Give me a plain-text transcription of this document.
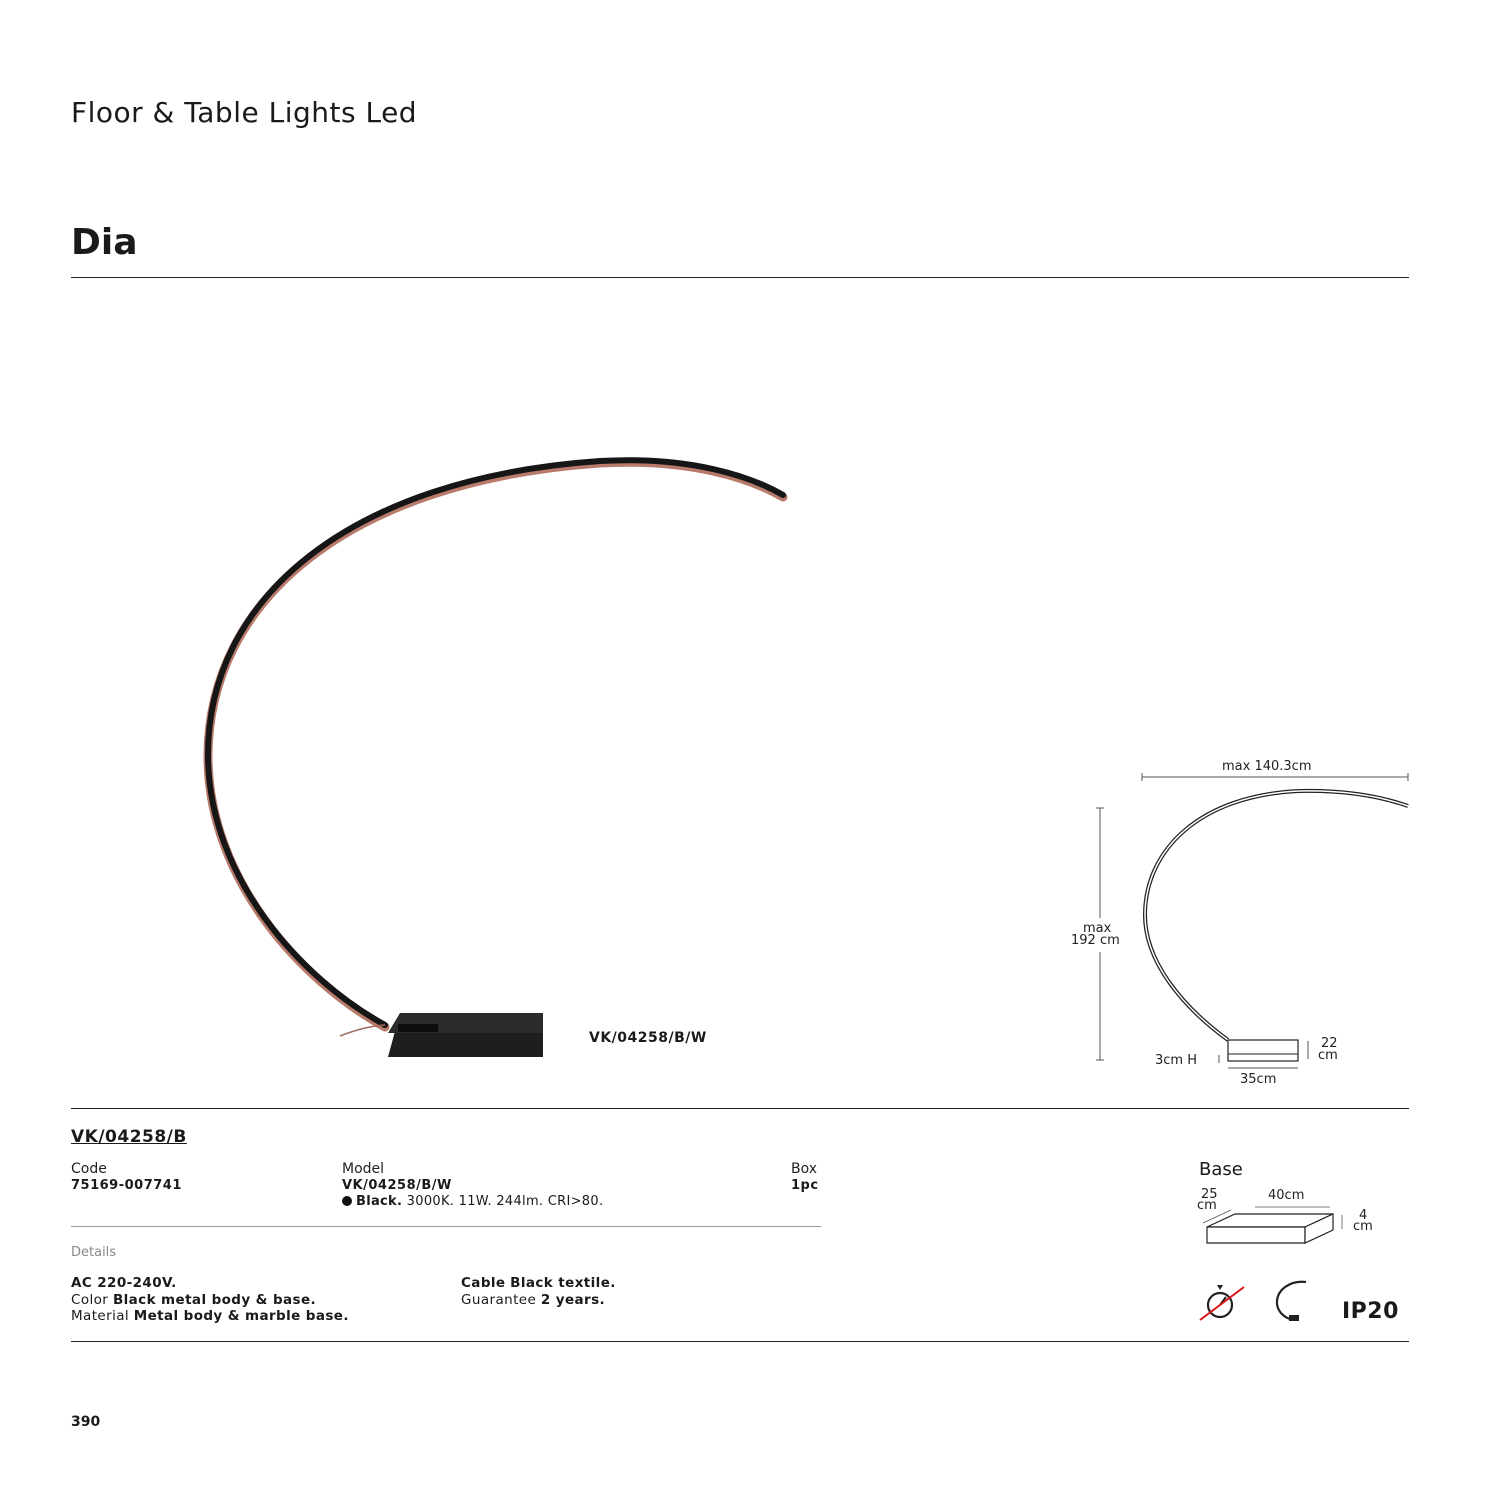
Floor & Table Lights Led
Dia
VK/04258/B/W
max 140.3cm
max
192 cm
3cm H
22
cm
35cm
VK/04258/B
Code
75169-007741
Model
VK/04258/B/W
Black. 3000K. 11W. 244lm. CRI>80.
Box
1pc
Details
AC 220-240V.
Color Black metal body & base.
Material Metal body & marble base.
Cable Black textile.
Guarantee 2 years.
Base
25
cm
40cm
4
cm
IP20
390
